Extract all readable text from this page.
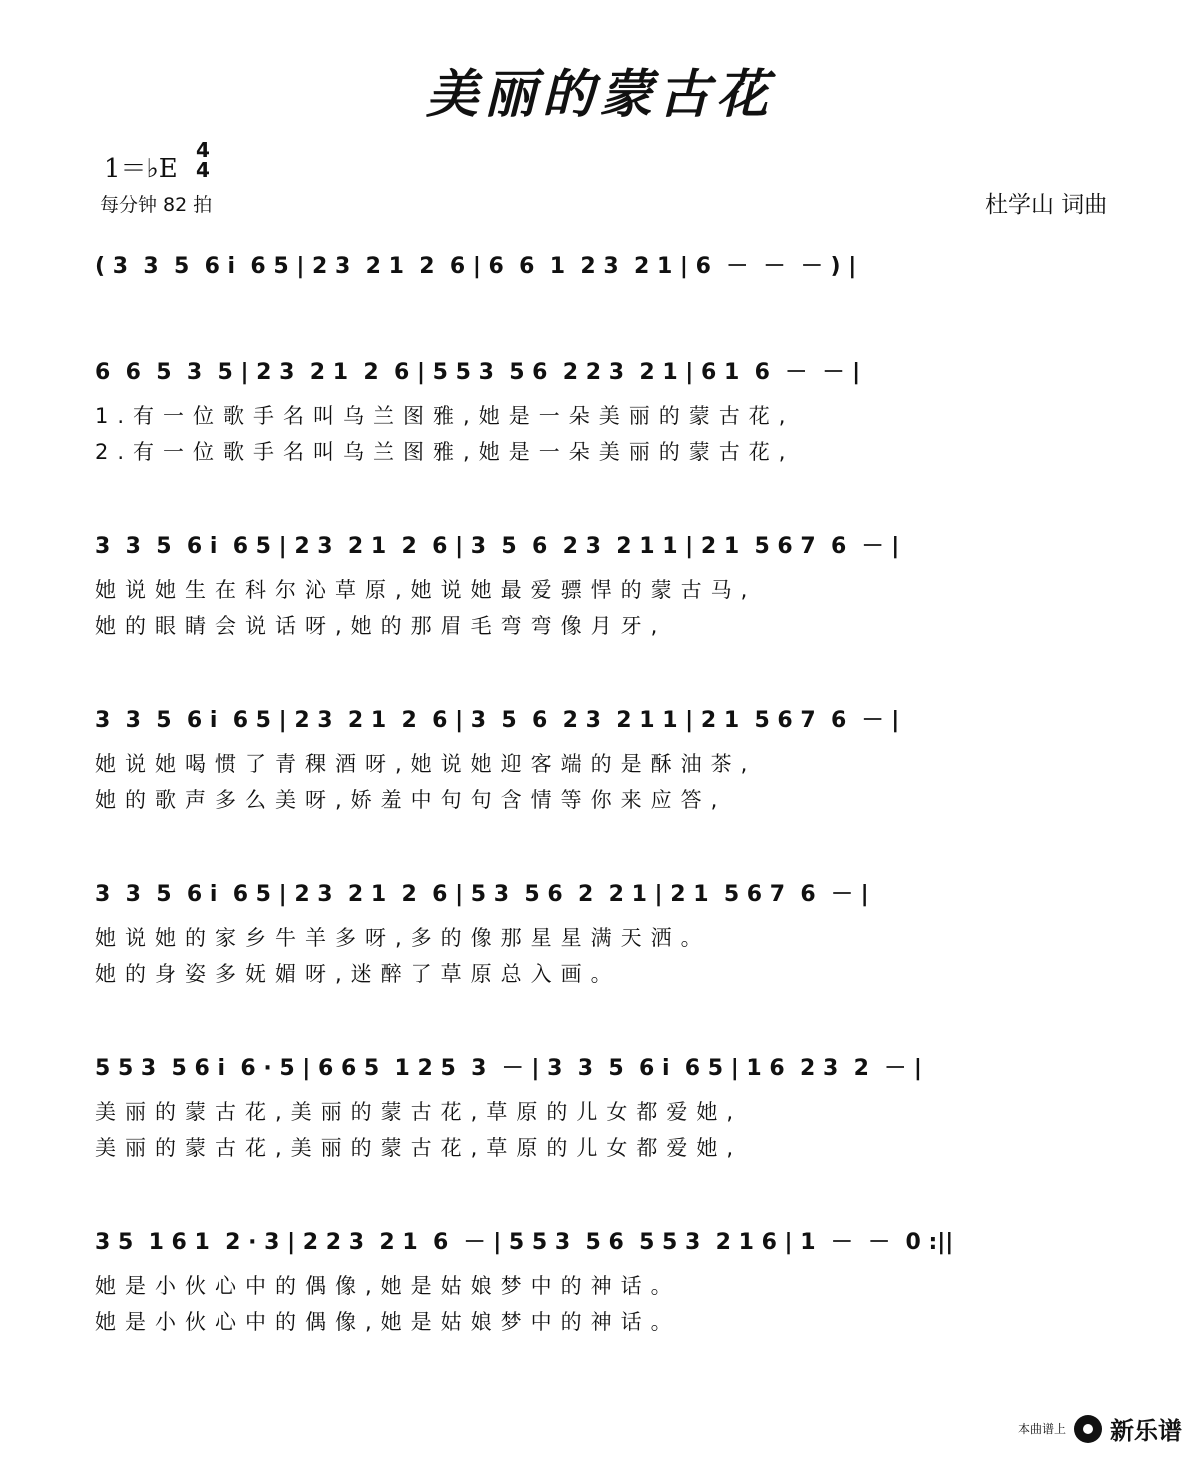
美丽的蒙古花
1＝♭E
4
4
每分钟 82 拍	杜学山 词曲
( 3  3  5  6 i  6 5 | 2 3  2 1  2  6 | 6  6  1  2 3  2 1 | 6  －  －  － ) |
6  6  5  3  5 | 2 3  2 1  2  6 | 5 5 3  5 6  2 2 3  2 1 | 6 1  6  －  － |
1.有一位歌手名叫乌兰图雅,她是一朵美丽的蒙古花,
2.有一位歌手名叫乌兰图雅,她是一朵美丽的蒙古花,
3  3  5  6 i  6 5 | 2 3  2 1  2  6 | 3  5  6  2 3  2 1 1 | 2 1  5 6 7  6  － |
她说她生在科尔沁草原,她说她最爱骠悍的蒙古马,
她的眼睛会说话呀,她的那眉毛弯弯像月牙,
3  3  5  6 i  6 5 | 2 3  2 1  2  6 | 3  5  6  2 3  2 1 1 | 2 1  5 6 7  6  － |
她说她喝惯了青稞酒呀,她说她迎客端的是酥油茶,
她的歌声多么美呀,娇羞中句句含情等你来应答,
3  3  5  6 i  6 5 | 2 3  2 1  2  6 | 5 3  5 6  2  2 1 | 2 1  5 6 7  6  － |
她说她的家乡牛羊多呀,多的像那星星满天洒。
她的身姿多妩媚呀,迷醉了草原总入画。
5 5 3  5 6 i  6 · 5 | 6 6 5  1 2 5  3  － | 3  3  5  6 i  6 5 | 1 6  2 3  2  － |
美丽的蒙古花,美丽的蒙古花,草原的儿女都爱她,
美丽的蒙古花,美丽的蒙古花,草原的儿女都爱她,
3 5  1 6 1  2 · 3 | 2 2 3  2 1  6  － | 5 5 3  5 6  5 5 3  2 1 6 | 1  －  －  0 :||
她是小伙心中的偶像,她是姑娘梦中的神话。
她是小伙心中的偶像,她是姑娘梦中的神话。
本曲谱上 新乐谱
